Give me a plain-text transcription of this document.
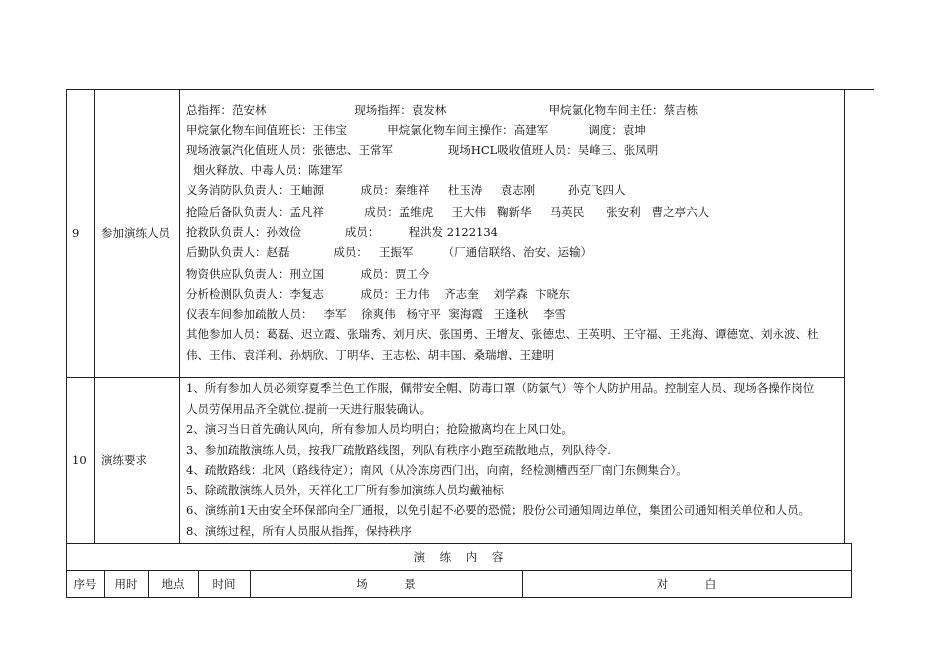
9 参加演练人员
总指挥：范安林                        现场指挥：袁发林                            甲烷氯化物车间主任：蔡吉栋
甲烷氯化物车间值班长：王伟宝           甲烷氯化物车间主操作：高建军           调度：袁坤
现场液氯汽化值班人员：张德忠、王常军               现场HCL吸收值班人员：吴峰三、张凤明
烟火释放、中毒人员：陈建军
义务消防队负责人：王岫源          成员：秦维祥     杜玉涛     袁志刚         孙克飞四人
抢险后备队负责人：孟凡祥           成员：孟维虎     王大伟   鞠新华     马英民      张安利   曹之亭六人
抢救队负责人：孙效俭            成员：        程洪发 2122134
后勤队负责人：赵磊            成员：   王振军        （厂通信联络、治安、运输）
物资供应队负责人：刑立国          成员：贾工今
分析检测队负责人：李复志          成员：王力伟    齐志奎    刘学森  卞晓东
仪表车间参加疏散人员：   李军    徐爽伟   杨守平  窦海霞   王逢秋    李雪
其他参加人员：葛磊、迟立霞、张瑞秀、刘月庆、张国勇、王增友、张德忠、王英明、王守福、王兆海、谭德宽、刘永波、杜
伟、王伟、袁洋利、孙炳欣、丁明华、王志松、胡丰国、桑瑞增、王建明
10 演练要求
1、所有参加人员必须穿夏季兰色工作服，佩带安全帽、防毒口罩（防氯气）等个人防护用品。控制室人员、现场各操作岗位
人员劳保用品齐全就位.提前一天进行服装确认。
2、演习当日首先确认风向，所有参加人员均明白；抢险撤离均在上风口处。
3、参加疏散演练人员，按我厂疏散路线图，列队有秩序小跑至疏散地点，列队待令.
4、疏散路线：北风（路线待定）；南风（从冷冻房西门出，向南，经检测槽西至厂南门东侧集合）。
5、除疏散演练人员外，天祥化工厂所有参加演练人员均戴袖标
6、演练前1天由安全环保部向全厂通报，以免引起不必要的恐慌；股份公司通知周边单位，集团公司通知相关单位和人员。
8、演练过程，所有人员服从指挥，保持秩序
演    练    内    容
序号	用时	地点	时间	场          景	对          白
